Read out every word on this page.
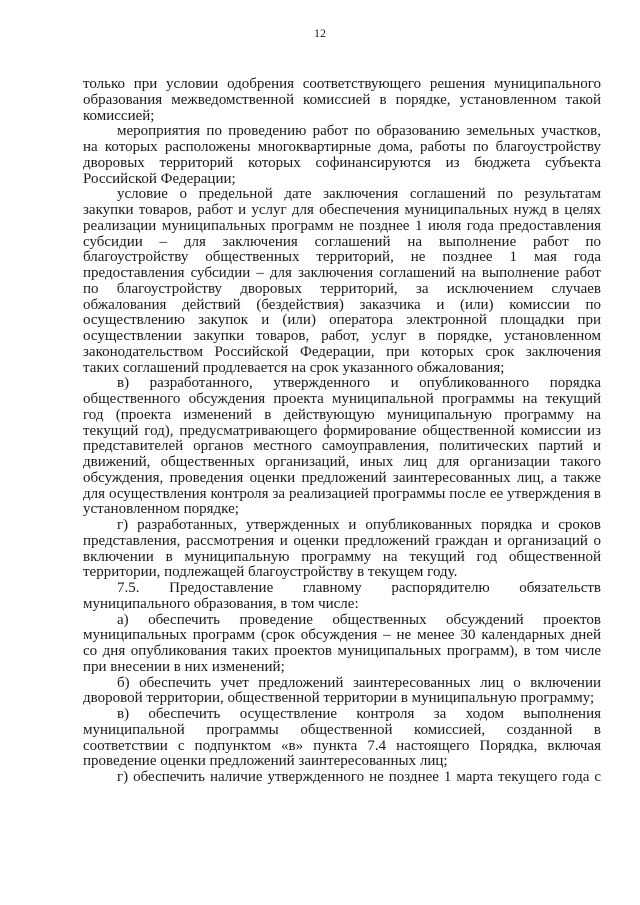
12
только при условии одобрения соответствующего решения муниципального
образования межведомственной комиссией в порядке, установленном такой
комиссией;
мероприятия по проведению работ по образованию земельных участков,
на которых расположены многоквартирные дома, работы по благоустройству
дворовых территорий которых софинансируются из бюджета субъекта
Российской Федерации;
условие о предельной дате заключения соглашений по результатам
закупки товаров, работ и услуг для обеспечения муниципальных нужд в целях
реализации муниципальных программ не позднее 1 июля года предоставления
субсидии – для заключения соглашений на выполнение работ по
благоустройству общественных территорий, не позднее 1 мая года
предоставления субсидии – для заключения соглашений на выполнение работ
по благоустройству дворовых территорий, за исключением случаев
обжалования действий (бездействия) заказчика и (или) комиссии по
осуществлению закупок и (или) оператора электронной площадки при
осуществлении закупки товаров, работ, услуг в порядке, установленном
законодательством Российской Федерации, при которых срок заключения
таких соглашений продлевается на срок указанного обжалования;
в) разработанного, утвержденного и опубликованного порядка
общественного обсуждения проекта муниципальной программы на текущий
год (проекта изменений в действующую муниципальную программу на
текущий год), предусматривающего формирование общественной комиссии из
представителей органов местного самоуправления, политических партий и
движений, общественных организаций, иных лиц для организации такого
обсуждения, проведения оценки предложений заинтересованных лиц, а также
для осуществления контроля за реализацией программы после ее утверждения в
установленном порядке;
г) разработанных, утвержденных и опубликованных порядка и сроков
представления, рассмотрения и оценки предложений граждан и организаций о
включении в муниципальную программу на текущий год общественной
территории, подлежащей благоустройству в текущем году.
7.5. Предоставление главному распорядителю обязательств
муниципального образования, в том числе:
а) обеспечить проведение общественных обсуждений проектов
муниципальных программ (срок обсуждения – не менее 30 календарных дней
со дня опубликования таких проектов муниципальных программ), в том числе
при внесении в них изменений;
б) обеспечить учет предложений заинтересованных лиц о включении
дворовой территории, общественной территории в муниципальную программу;
в) обеспечить осуществление контроля за ходом выполнения
муниципальной программы общественной комиссией, созданной в
соответствии с подпунктом «в» пункта 7.4 настоящего Порядка, включая
проведение оценки предложений заинтересованных лиц;
г) обеспечить наличие утвержденного не позднее 1 марта текущего года с
